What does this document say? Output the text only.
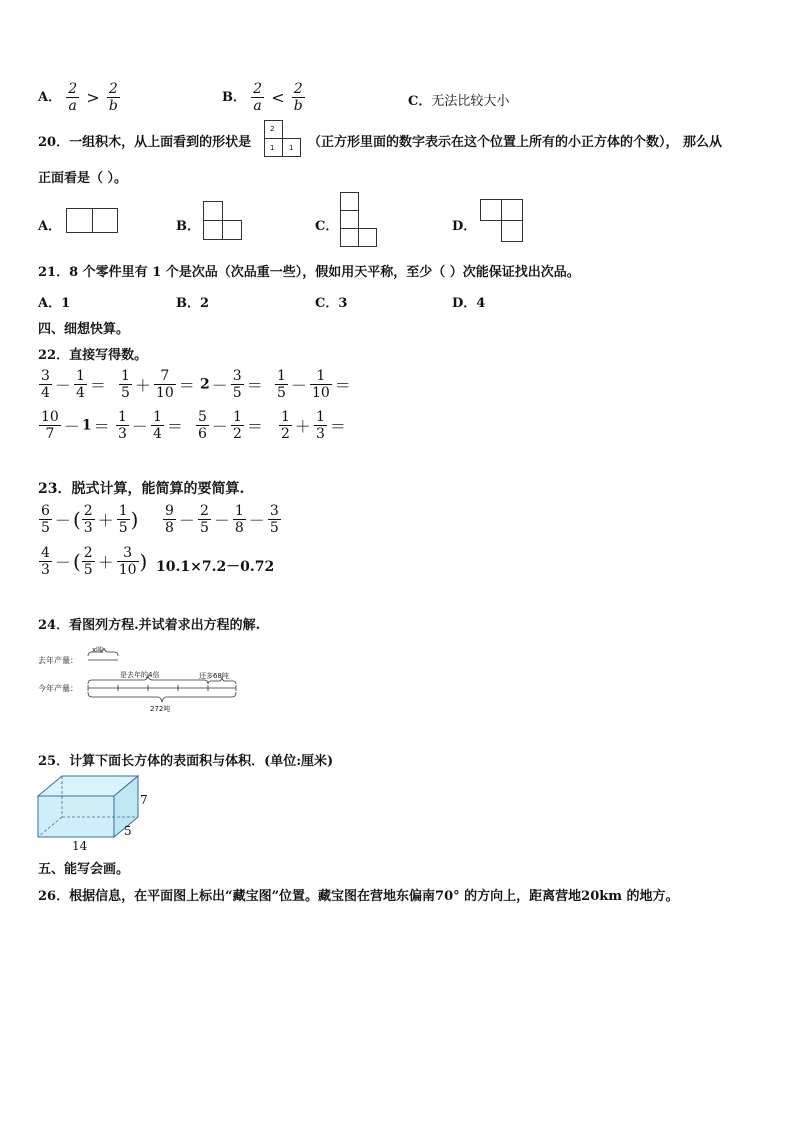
A． $\frac{2}{a} > \frac{2}{b}$	B． $\frac{2}{a} < \frac{2}{b}$	C．无法比较大小
20．一组积木，从上面看到的形状是
2
1 1 （正方形里面的数字表示在这个位置上所有的小正方体的个数）， 那么从
正面看是（ ）。
A．	B．	C．	D．
21．8 个零件里有 1 个是次品（次品重一些），假如用天平称，至少（ ）次能保证找出次品。
A．1	B．2	C．3	D．4
四、细想快算。
22．直接写得数。
$\frac{3}{4} - \frac{1}{4} = \frac{1}{5} + \frac{7}{10} = 2 - \frac{3}{5} = \frac{1}{5} - \frac{1}{10}$ ＝
$\frac{10}{7} - 1 = \frac{1}{3} - \frac{1}{4} = \frac{5}{6} - \frac{1}{2} = \frac{1}{2} + \frac{1}{3}$ ＝
23．脱式计算，能简算的要简算.
$\frac{6}{5}$ － ( $\frac{2}{3} + \frac{1}{5}$ ) $\frac{9}{8} - \frac{2}{5} - \frac{1}{8} - \frac{3}{5}$
$\frac{4}{3}$ － ( $\frac{2}{5} + \frac{3}{10}$ ) 10.1×7.2－0.72
24．看图列方程.并试着求出方程的解.
去年产量：
今年产量：
x吨
是去年的4倍	还多68吨
272吨
25．计算下面长方体的表面积与体积．(单位:厘米)
14
5
7
五、能写会画。
26．根据信息，在平面图上标出“藏宝图”位置。藏宝图在营地东偏南70° 的方向上，距离营地20km 的地方。
